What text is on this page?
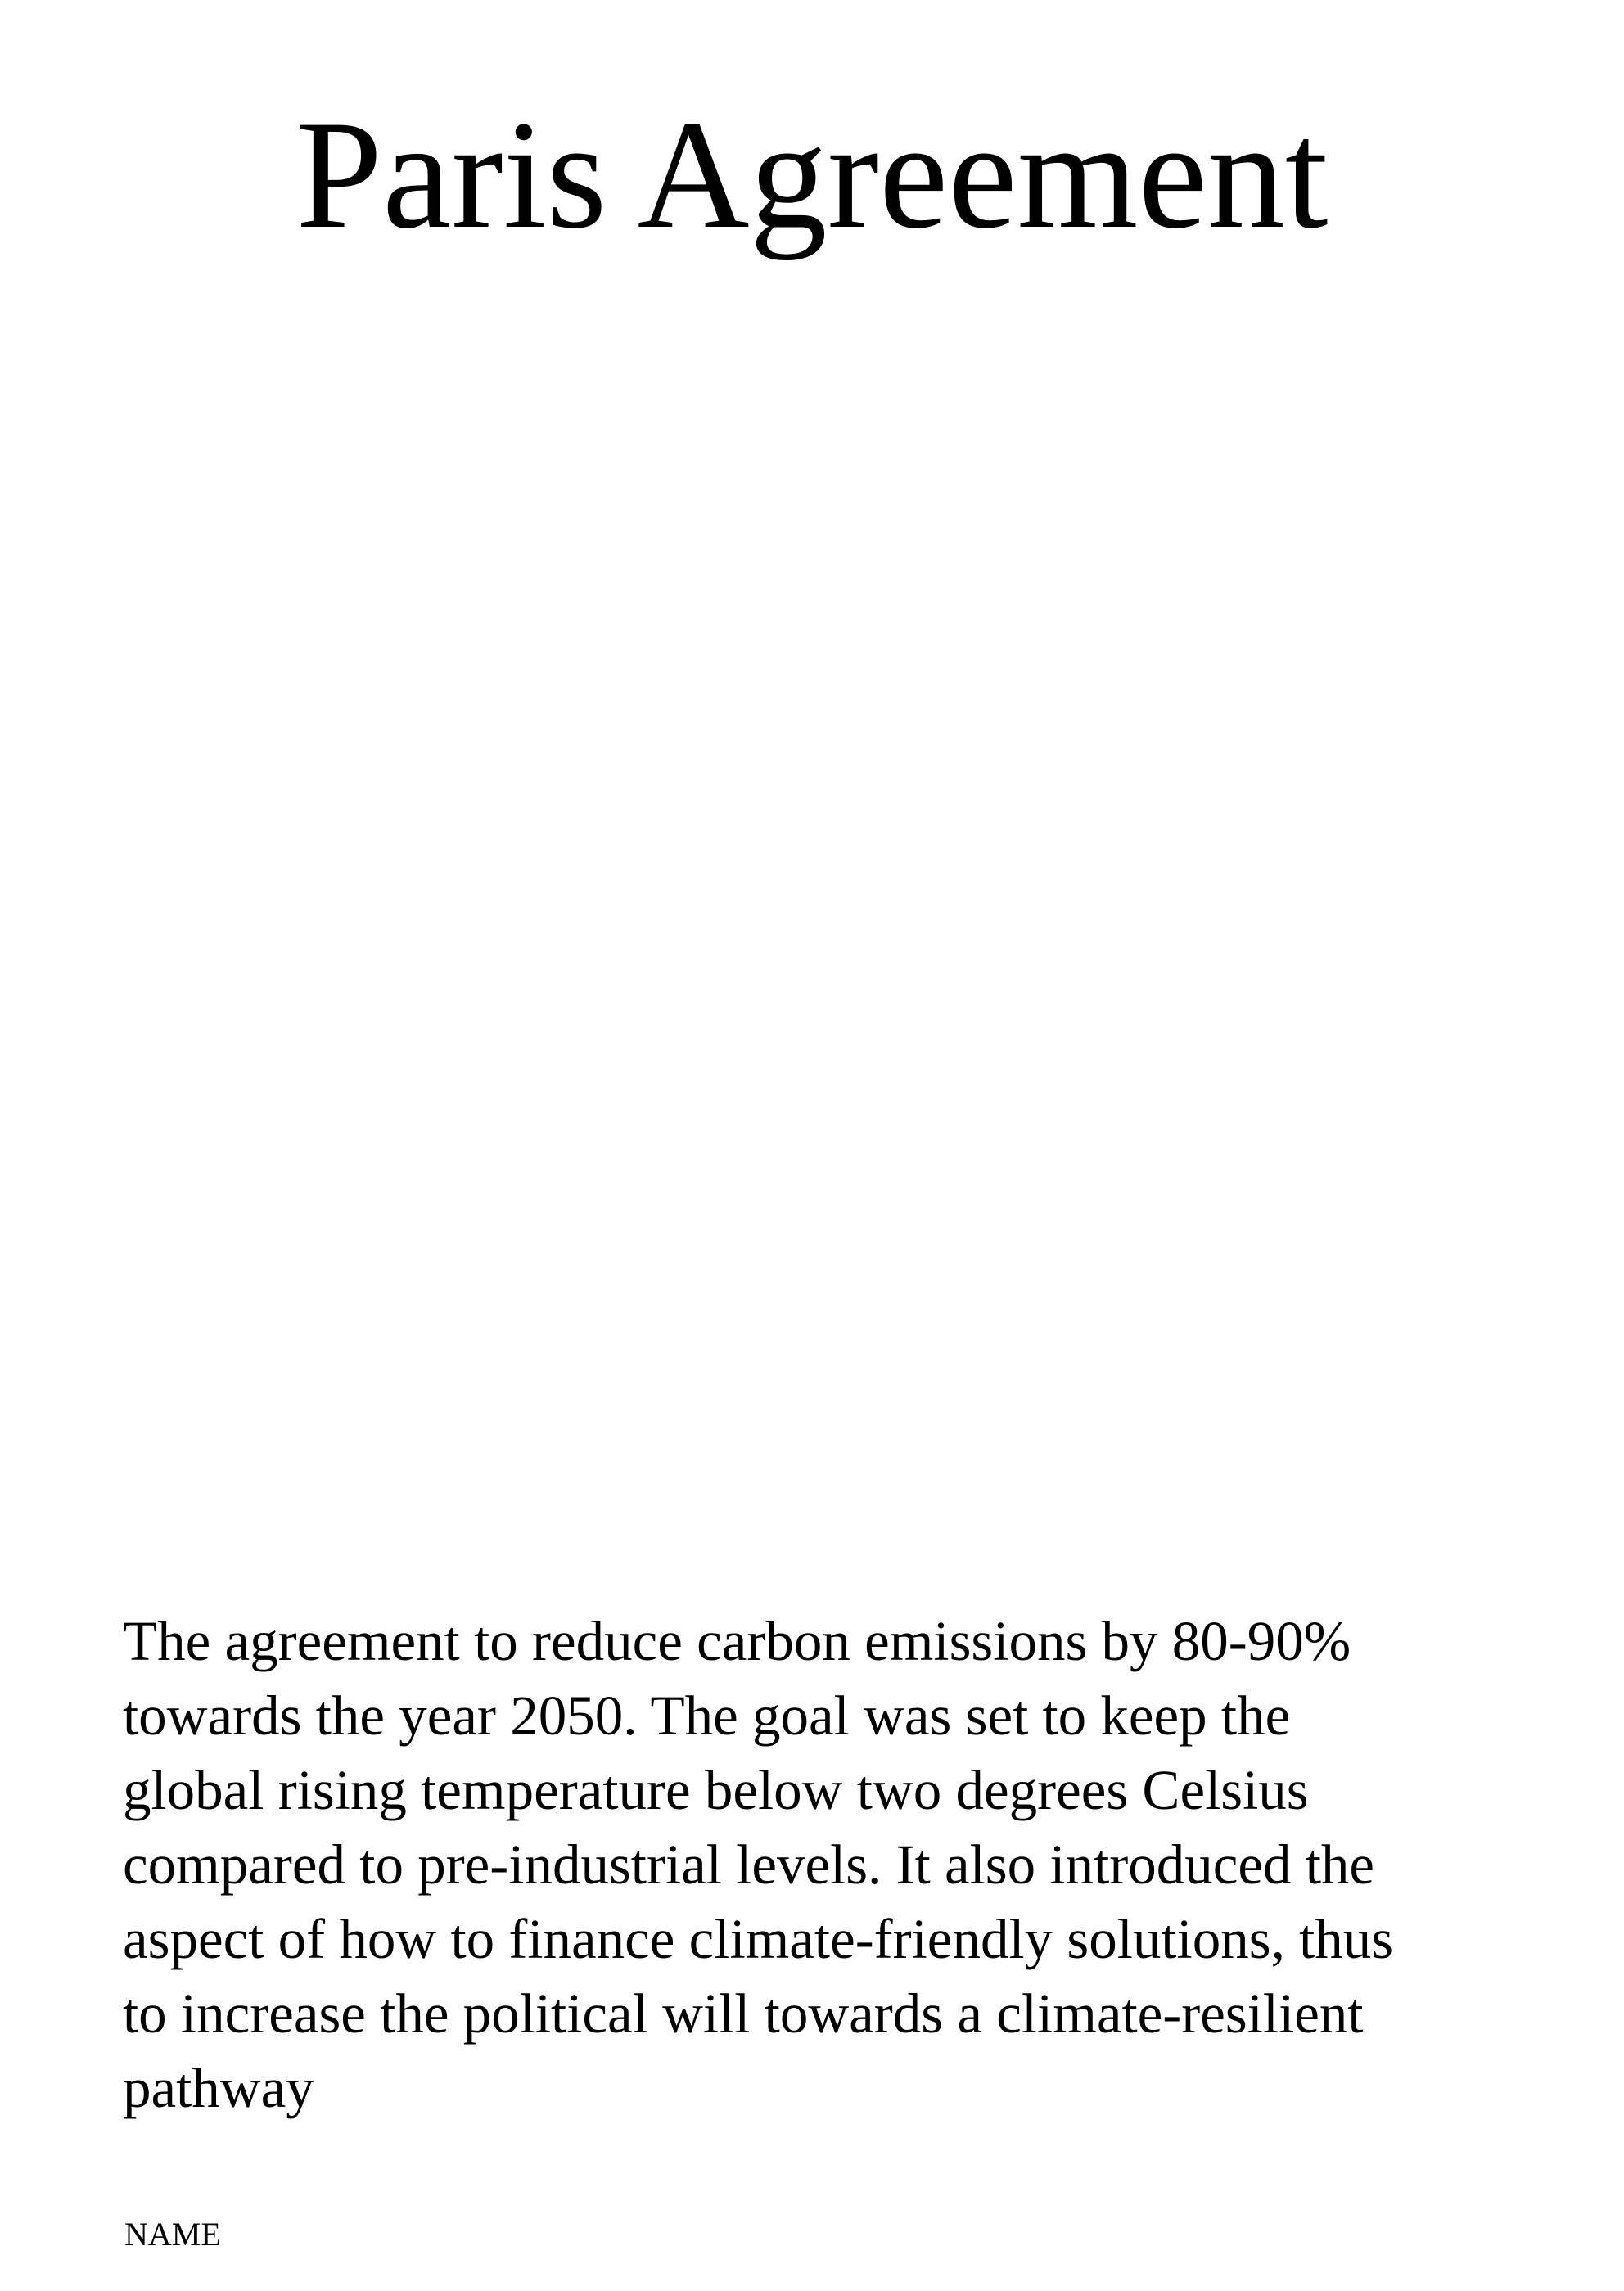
Paris Agreement

The agreement to reduce carbon emissions by 80-90%
towards the year 2050. The goal was set to keep the
global rising temperature below two degrees Celsius
compared to pre-industrial levels. It also introduced the
aspect of how to finance climate-friendly solutions, thus
to increase the political will towards a climate-resilient
pathway

NAME
